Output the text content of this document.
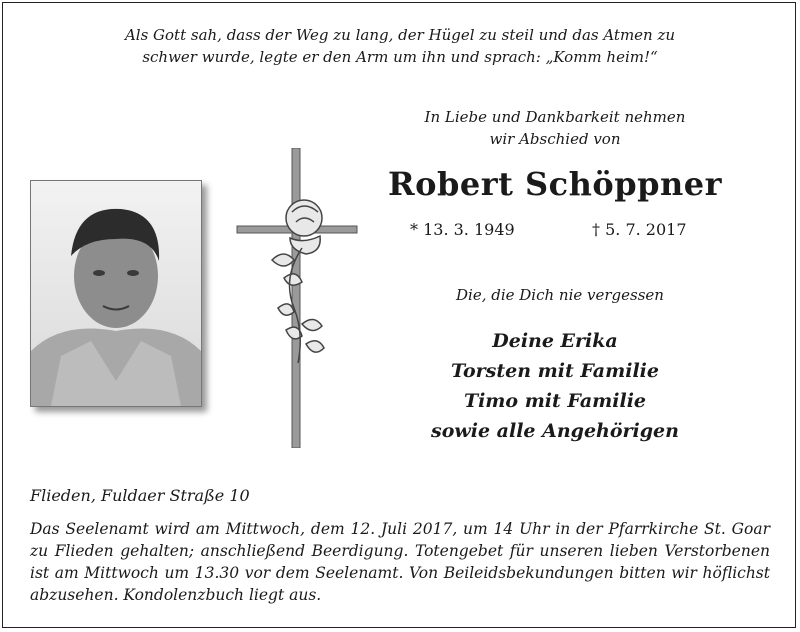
Als Gott sah, dass der Weg zu lang, der Hügel zu steil und das Atmen zu
schwer wurde, legte er den Arm um ihn und sprach: „Komm heim!“
In Liebe und Dankbarkeit nehmen
wir Abschied von
Robert Schöppner
* 13. 3. 1949	† 5. 7. 2017
Die, die Dich nie vergessen
Deine Erika
Torsten mit Familie
Timo mit Familie
sowie alle Angehörigen
Flieden, Fuldaer Straße 10
Das Seelenamt wird am Mittwoch, dem 12. Juli 2017, um 14 Uhr in der Pfarrkirche St. Goar zu Flieden gehalten; anschließend Beerdigung. Totengebet für unseren lieben Verstorbenen ist am Mittwoch um 13.30 vor dem Seelenamt. Von Beileidsbekundungen bitten wir höflichst abzusehen. Kondolenzbuch liegt aus.
